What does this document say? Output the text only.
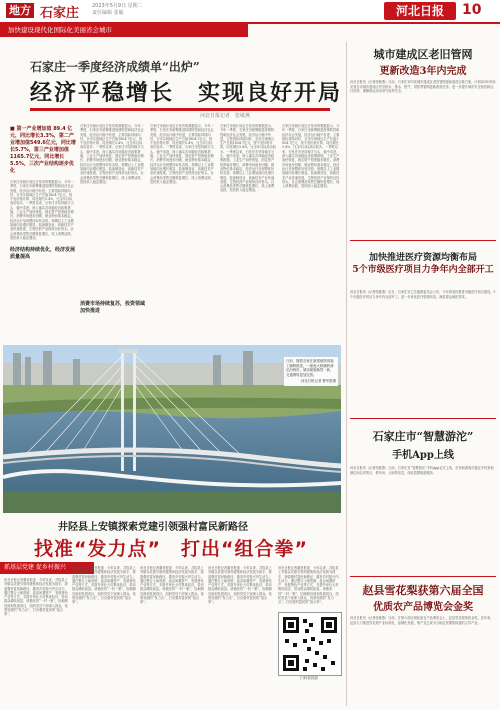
地方 石家庄	2023年5月9日 星期二
责任编辑 张敏	河北日报	10
加快建设现代化国际化美丽省会城市
石家庄一季度经济成绩单“出炉”
经济平稳增长　实现良好开局
河北日报记者　张敏燕
■ 第一产业增加值 89.4 亿元，同比增长3.3%，第二产业增加值549.6亿元，同比增长5.7%，第三产业增加值1165.7亿元，同比增长5.5%，三次产业结构逐步优化
石家庄市统计局近日发布的数据显示，今年一季度，石家庄市统筹推进疫情防控和经济社会发展，经济运行稳中有进，主要指标持续向好，全市实现地区生产总值1804.7亿元，按不变价格计算，同比增长5.4%，比全年目标高出较多。一季度以来，石家庄市坚持稳字当头、稳中求进，深入落实各项稳经济政策措施，工业生产加快恢复，固定资产投资稳步增长，消费市场逐步回暖，就业物价基本稳定，经济运行呈现整体好转态势。规模以上工业增加值同比增长明显，装备制造业、高新技术产业快速发展，生物医药产业保持良好势头。社会消费品零售总额恢复增长，线上消费活跃，居民收入稳定增加。
经济结构持续优化，经济发展质量提高
消费市场持续复苏，投资领域加快推进
石家庄市统计局近日发布的数据显示，今年一季度，石家庄市统筹推进疫情防控和经济社会发展，经济运行稳中有进，主要指标持续向好，全市实现地区生产总值1804.7亿元，按不变价格计算，同比增长5.4%，比全年目标高出较多。一季度以来，石家庄市坚持稳字当头、稳中求进，深入落实各项稳经济政策措施，工业生产加快恢复，固定资产投资稳步增长，消费市场逐步回暖，就业物价基本稳定，经济运行呈现整体好转态势。规模以上工业增加值同比增长明显，装备制造业、高新技术产业快速发展，生物医药产业保持良好势头。社会消费品零售总额恢复增长，线上消费活跃，居民收入稳定增加。
石家庄市统计局近日发布的数据显示，今年一季度，石家庄市统筹推进疫情防控和经济社会发展，经济运行稳中有进，主要指标持续向好，全市实现地区生产总值1804.7亿元，按不变价格计算，同比增长5.4%，比全年目标高出较多。一季度以来，石家庄市坚持稳字当头、稳中求进，深入落实各项稳经济政策措施，工业生产加快恢复，固定资产投资稳步增长，消费市场逐步回暖，就业物价基本稳定，经济运行呈现整体好转态势。规模以上工业增加值同比增长明显，装备制造业、高新技术产业快速发展，生物医药产业保持良好势头。社会消费品零售总额恢复增长，线上消费活跃，居民收入稳定增加。
石家庄市统计局近日发布的数据显示，今年一季度，石家庄市统筹推进疫情防控和经济社会发展，经济运行稳中有进，主要指标持续向好，全市实现地区生产总值1804.7亿元，按不变价格计算，同比增长5.4%，比全年目标高出较多。一季度以来，石家庄市坚持稳字当头、稳中求进，深入落实各项稳经济政策措施，工业生产加快恢复，固定资产投资稳步增长，消费市场逐步回暖，就业物价基本稳定，经济运行呈现整体好转态势。规模以上工业增加值同比增长明显，装备制造业、高新技术产业快速发展，生物医药产业保持良好势头。社会消费品零售总额恢复增长，线上消费活跃，居民收入稳定增加。
石家庄市统计局近日发布的数据显示，今年一季度，石家庄市统筹推进疫情防控和经济社会发展，经济运行稳中有进，主要指标持续向好，全市实现地区生产总值1804.7亿元，按不变价格计算，同比增长5.4%，比全年目标高出较多。一季度以来，石家庄市坚持稳字当头、稳中求进，深入落实各项稳经济政策措施，工业生产加快恢复，固定资产投资稳步增长，消费市场逐步回暖，就业物价基本稳定，经济运行呈现整体好转态势。规模以上工业增加值同比增长明显，装备制造业、高新技术产业快速发展，生物医药产业保持良好势头。社会消费品零售总额恢复增长，线上消费活跃，居民收入稳定增加。
日前，随着石家庄新建地铁线施工顺利推进，一座座大桥横跨滹沱河两岸，城市面貌焕然一新，交通网络更加完善。
河北日报记者 曹华蔚摄
井陉县上安镇探索党建引领强村富民新路径
找准“发力点”　打出“组合拳”
抓基层党建 促乡村振兴
河北日报记者董晋报道　今年以来，井陉县上安镇以党建引领村级集体经济发展为抓手，探索强村富民新路径，激发乡村振兴内生动力。通过整合土地资源、盘活闲置资产、发展特色产业等方式，多措并举壮大村集体经济，带动群众增收致富。该镇坚持“一村一策”，因地制宜谋划发展项目，组织党员干部深入群众，找准发展的“发力点”，打出强村富民的“组合拳”。
河北日报记者董晋报道　今年以来，井陉县上安镇以党建引领村级集体经济发展为抓手，探索强村富民新路径，激发乡村振兴内生动力。通过整合土地资源、盘活闲置资产、发展特色产业等方式，多措并举壮大村集体经济，带动群众增收致富。该镇坚持“一村一策”，因地制宜谋划发展项目，组织党员干部深入群众，找准发展的“发力点”，打出强村富民的“组合拳”。
河北日报记者董晋报道　今年以来，井陉县上安镇以党建引领村级集体经济发展为抓手，探索强村富民新路径，激发乡村振兴内生动力。通过整合土地资源、盘活闲置资产、发展特色产业等方式，多措并举壮大村集体经济，带动群众增收致富。该镇坚持“一村一策”，因地制宜谋划发展项目，组织党员干部深入群众，找准发展的“发力点”，打出强村富民的“组合拳”。
河北日报记者董晋报道　今年以来，井陉县上安镇以党建引领村级集体经济发展为抓手，探索强村富民新路径，激发乡村振兴内生动力。通过整合土地资源、盘活闲置资产、发展特色产业等方式，多措并举壮大村集体经济，带动群众增收致富。该镇坚持“一村一策”，因地制宜谋划发展项目，组织党员干部深入群众，找准发展的“发力点”，打出强村富民的“组合拳”。
河北日报记者董晋报道　今年以来，井陉县上安镇以党建引领村级集体经济发展为抓手，探索强村富民新路径，激发乡村振兴内生动力。通过整合土地资源、盘活闲置资产、发展特色产业等方式，多措并举壮大村集体经济，带动群众增收致富。该镇坚持“一村一策”，因地制宜谋划发展项目，组织党员干部深入群众，找准发展的“发力点”，打出强村富民的“组合拳”。
扫码看视频
城市建成区老旧管网
更新改造3年内完成
河北日报讯（记者张敏燕）日前，石家庄市印发城市建成区老旧管网更新改造实施方案，计划用3年时间完成全市城市建成区老旧供水、排水、燃气、供热等管网更新改造任务，进一步提升城市安全韧性和运行效率，保障群众用水用气用热安全。
加快推进医疗资源均衡布局
5个市级医疗项目力争年内全部开工
河北日报讯（记者张敏燕）近日，石家庄市卫生健康委员会公布，今年将加快推进市级医疗项目建设，5个市级医疗项目力争年内全部开工，进一步优化医疗资源布局，满足群众就医需求。
石家庄市“智慧游沱”
手机App上线
河北日报讯（记者张敏燕）日前，石家庄市“智慧游沱”手机App正式上线，市民和游客可通过手机查询滹沱河沿岸景点、停车场、公厕等信息，体验智慧旅游服务。
赵县雪花梨获第六届全国
优质农产品博览会金奖
河北日报讯（记者张敏燕）日前，在第六届全国优质农产品博览会上，赵县雪花梨荣获金奖。近年来，赵县大力推进雪花梨产业标准化、品牌化发展，梨产业已成为当地农民增收致富的主导产业。
